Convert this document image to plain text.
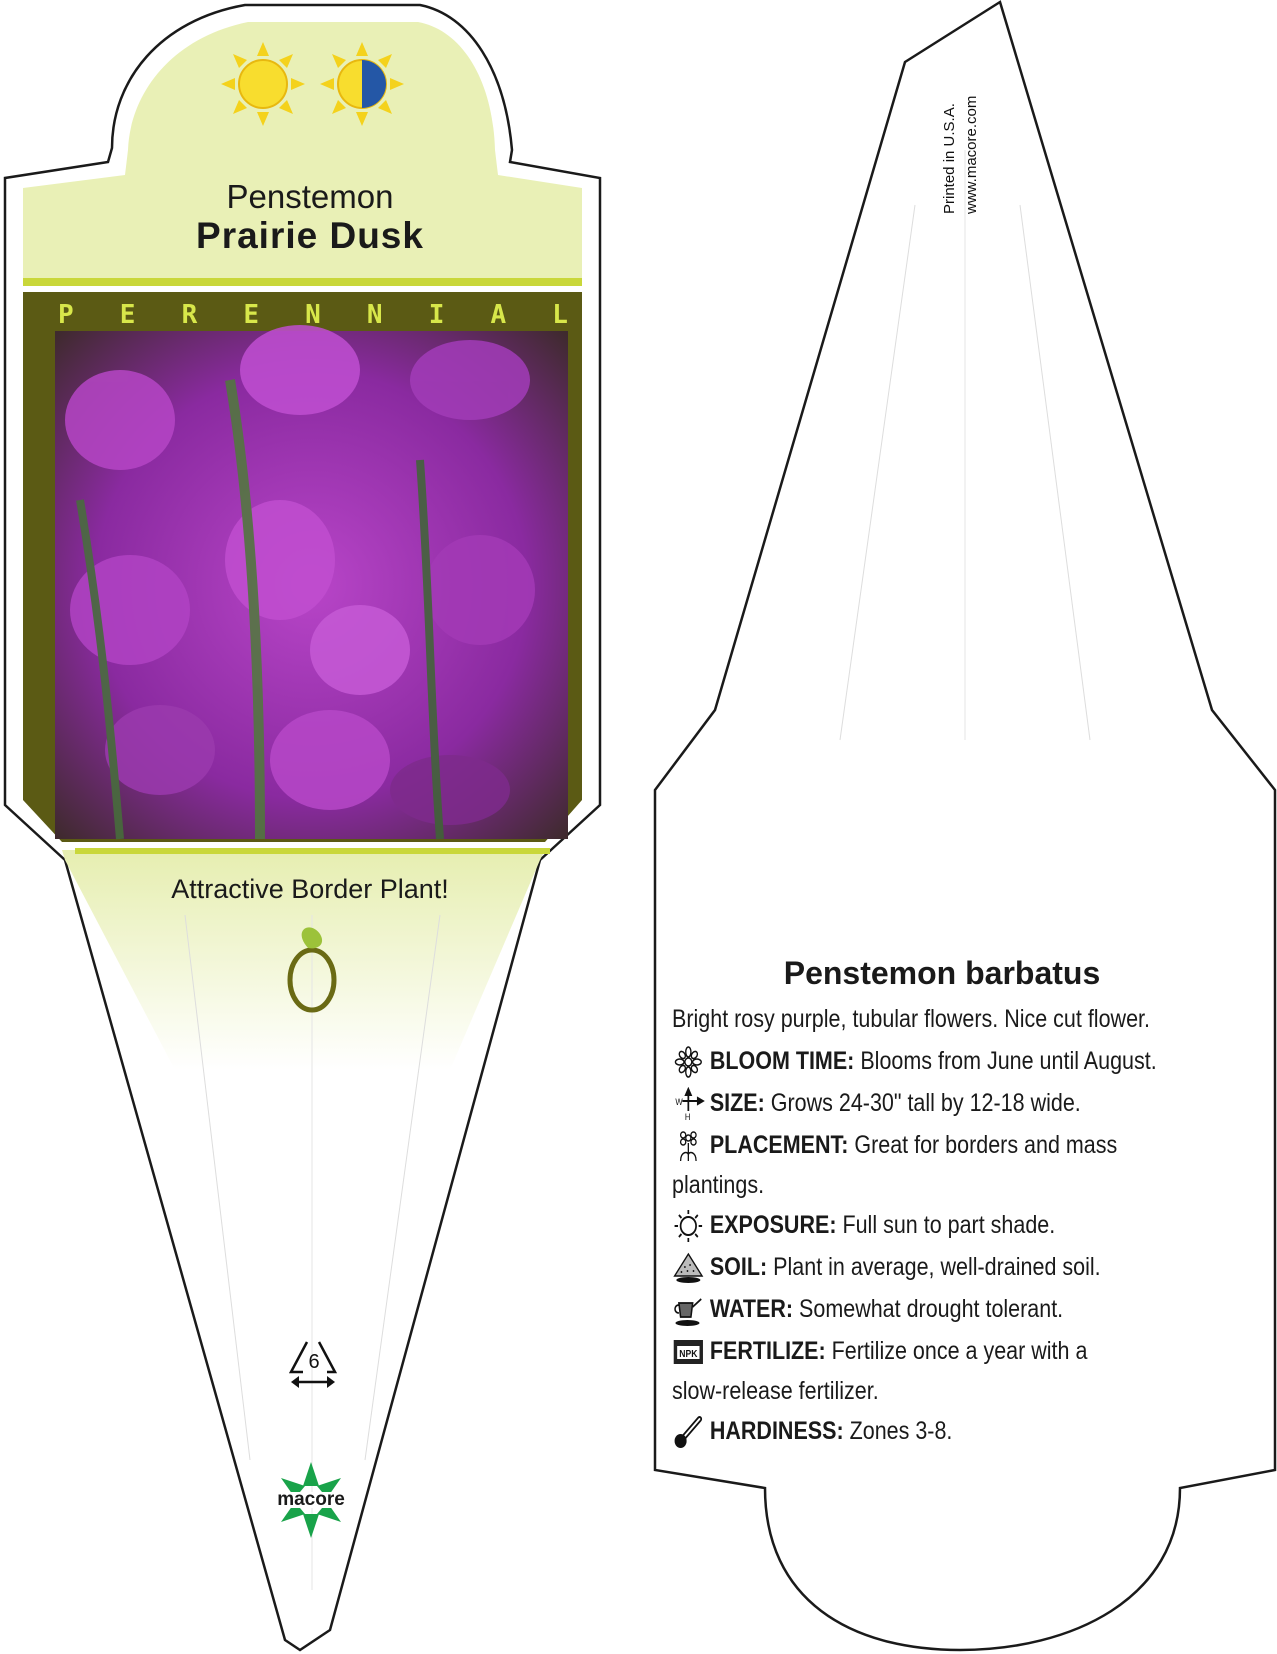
Penstemon
Prairie Dusk
P E R E N N I A L
Attractive Border Plant!
6
macore
Printed in U.S.A. www.macore.com
Penstemon barbatus
Bright rosy purple, tubular flowers. Nice cut flower.
BLOOM TIME: Blooms from June until August.
W
H
SIZE: Grows 24-30" tall by 12-18 wide.
PLACEMENT: Great for borders and mass
plantings.
EXPOSURE: Full sun to part shade.
SOIL: Plant in average, well-drained soil.
WATER: Somewhat drought tolerant.
NPK FERTILIZE: Fertilize once a year with a
slow-release fertilizer.
HARDINESS: Zones 3-8.
